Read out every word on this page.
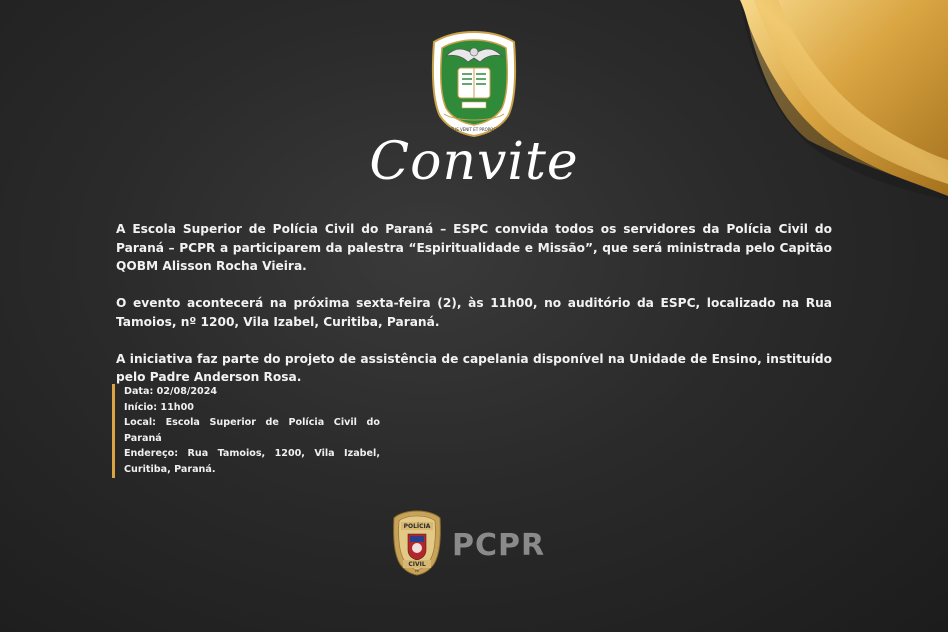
CERTUS VENIT ET PROPOSITUS
Convite

A Escola Superior de Polícia Civil do Paraná – ESPC convida todos os servidores da Polícia Civil do Paraná – PCPR a participarem da palestra “Espiritualidade e Missão”, que será ministrada pelo Capitão QOBM Alisson Rocha Vieira.

O evento acontecerá na próxima sexta-feira (2), às 11h00, no auditório da ESPC, localizado na Rua Tamoios, nº 1200, Vila Izabel, Curitiba, Paraná.

A iniciativa faz parte do projeto de assistência de capelania disponível na Unidade de Ensino, instituído pelo Padre Anderson Rosa.

Data: 02/08/2024
Início: 11h00
Local: Escola Superior de Polícia Civil do Paraná
Endereço: Rua Tamoios, 1200, Vila Izabel, Curitiba, Paraná.
POLÍCIA
CIVIL
PR
PCPR
